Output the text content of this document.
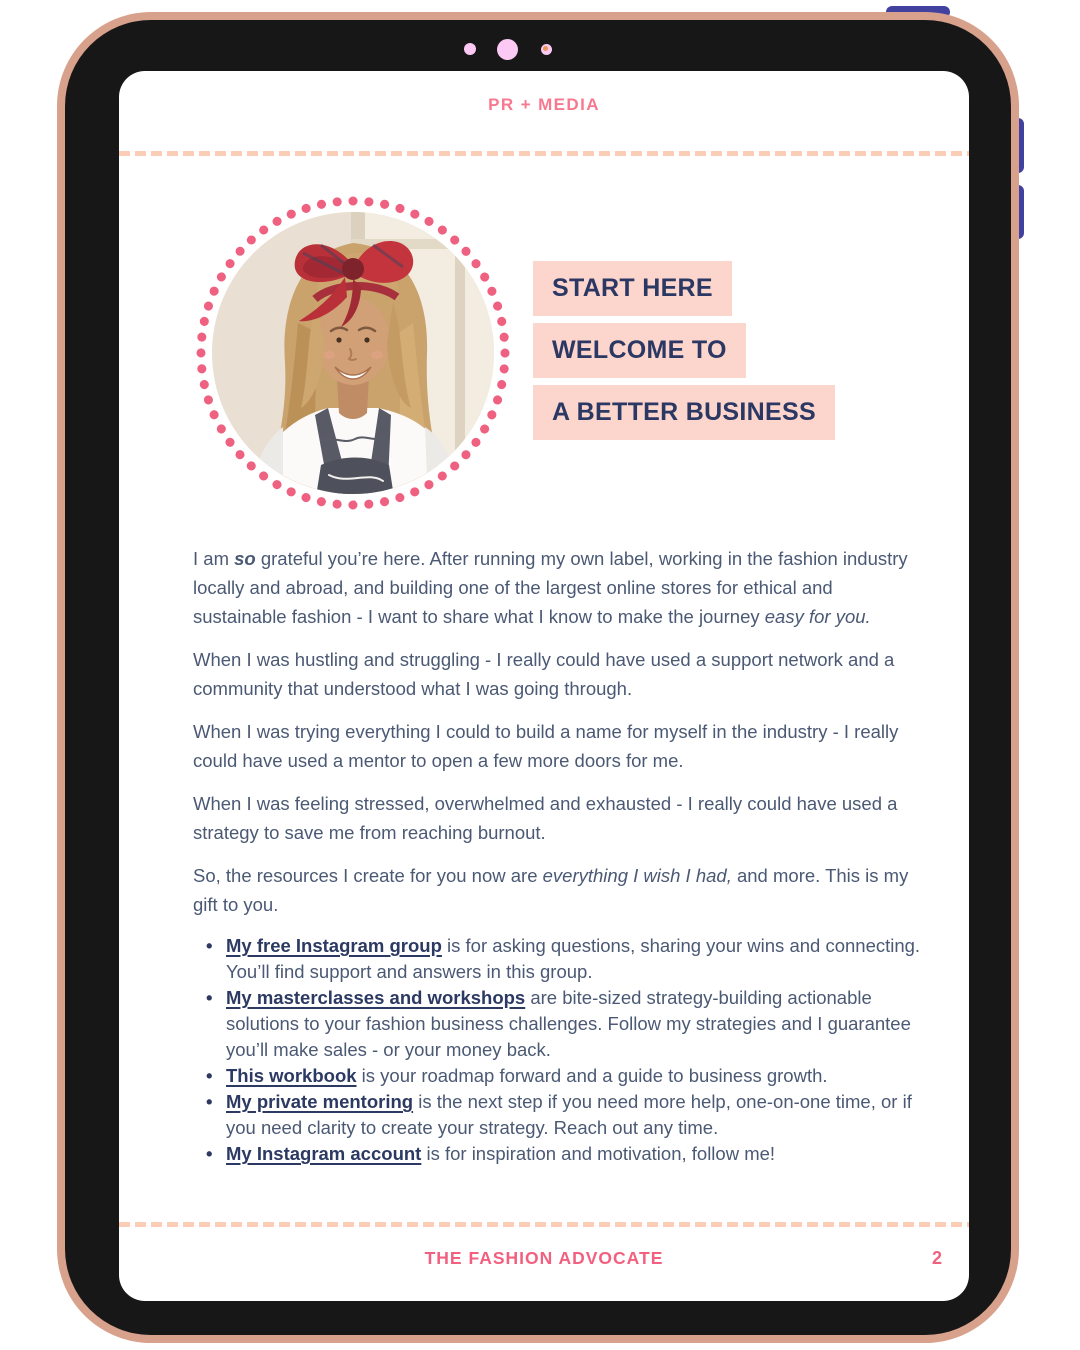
PR + MEDIA
START HERE
WELCOME TO
A BETTER BUSINESS

I am so grateful you’re here. After running my own label, working in the fashion industry locally and abroad, and building one of the largest online stores for ethical and sustainable fashion - I want to share what I know to make the journey easy for you.

When I was hustling and struggling - I really could have used a support network and a community that understood what I was going through.

When I was trying everything I could to build a name for myself in the industry - I really could have used a mentor to open a few more doors for me.

When I was feeling stressed, overwhelmed and exhausted - I really could have used a strategy to save me from reaching burnout.

So, the resources I create for you now are everything I wish I had, and more. This is my gift to you.

• My free Instagram group is for asking questions, sharing your wins and connecting. You’ll find support and answers in this group.
• My masterclasses and workshops are bite-sized strategy-building actionable solutions to your fashion business challenges. Follow my strategies and I guarantee you’ll make sales - or your money back.
• This workbook is your roadmap forward and a guide to business growth.
• My private mentoring is the next step if you need more help, one-on-one time, or if you need clarity to create your strategy. Reach out any time.
• My Instagram account is for inspiration and motivation, follow me!
THE FASHION ADVOCATE	2
